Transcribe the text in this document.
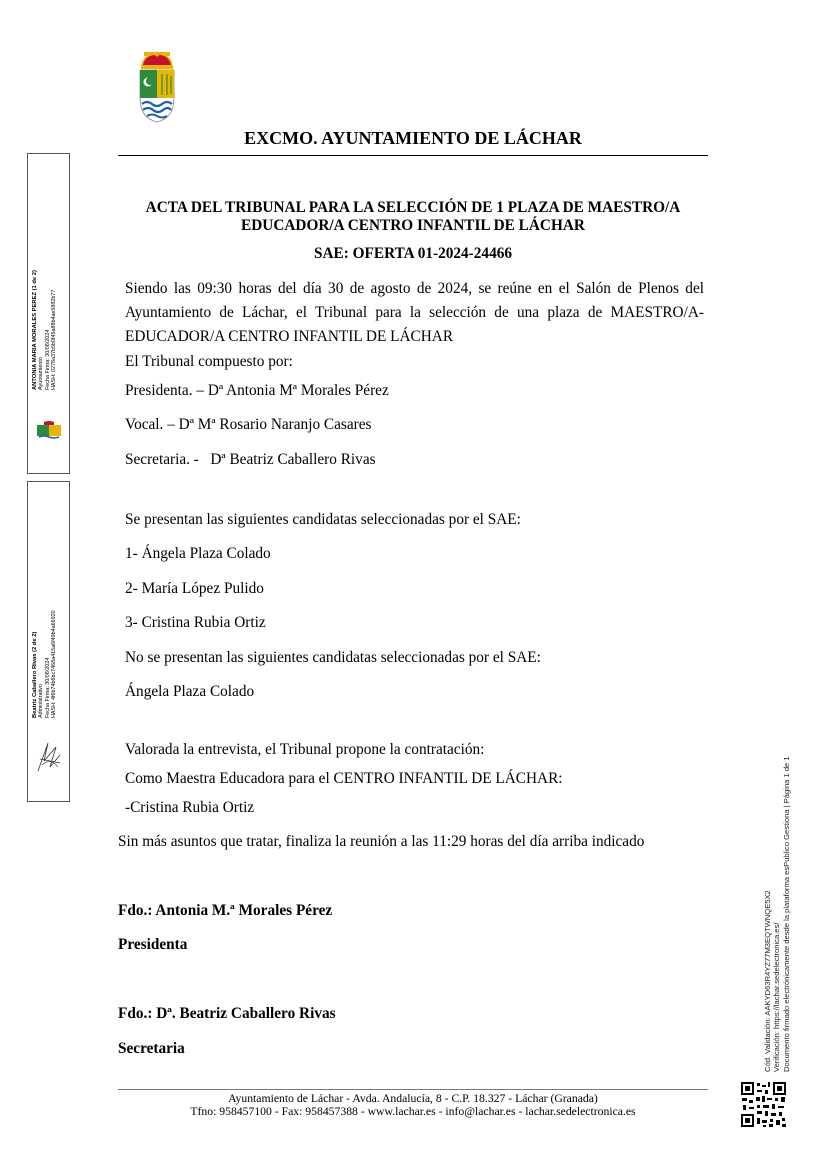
EXCMO. AYUNTAMIENTO DE LÁCHAR
ACTA DEL TRIBUNAL PARA LA SELECCIÓN DE 1 PLAZA DE MAESTRO/A
EDUCADOR/A CENTRO INFANTIL DE LÁCHAR
SAE: OFERTA 01-2024-24466
Siendo las 09:30 horas del día 30 de agosto de 2024, se reúne en el Salón de Plenos del Ayuntamiento de Láchar, el Tribunal para la selección de una plaza de MAESTRO/A-EDUCADOR/A CENTRO INFANTIL DE LÁCHAR
El Tribunal compuesto por:
Presidenta. – Dª Antonia Mª Morales Pérez
Vocal. – Dª Mª Rosario Naranjo Casares
Secretaria. -   Dª Beatriz Caballero Rivas
Se presentan las siguientes candidatas seleccionadas por el SAE:
1- Ángela Plaza Colado
2- María López Pulido
3- Cristina Rubia Ortiz
No se presentan las siguientes candidatas seleccionadas por el SAE:
Ángela Plaza Colado
Valorada la entrevista, el Tribunal propone la contratación:
Como Maestra Educadora para el CENTRO INFANTIL DE LÁCHAR:
-Cristina Rubia Ortiz
Sin más asuntos que tratar, finaliza la reunión a las 11:29 horas del día arriba indicado
Fdo.: Antonia M.ª Morales Pérez
Presidenta
Fdo.: Dª. Beatriz Caballero Rivas
Secretaria
ANTONIA MARIA MORALES PEREZ (1 de 2) Ayuntamiento Fecha Firma: 30/08/2024 HASH: 0278a37b5b0f45a88b4ae5882b77
Beatriz Caballero Rivas (2 de 2) Administrativo Fecha Firma: 30/08/2024 HASH: 4f6b74b6bc7468a415a6f49b4a66920
Cód. Validación: AAKYD63R4YZ77M3EQTWNQE5X2 Verificación: https://lachar.sedelectronica.es/ Documento firmado electrónicamente desde la plataforma esPublico Gestiona | Página 1 de 1
Ayuntamiento de Láchar - Avda. Andalucía, 8 - C.P. 18.327 - Láchar (Granada)
Tfno: 958457100 - Fax: 958457388 - www.lachar.es - info@lachar.es - lachar.sedelectronica.es
